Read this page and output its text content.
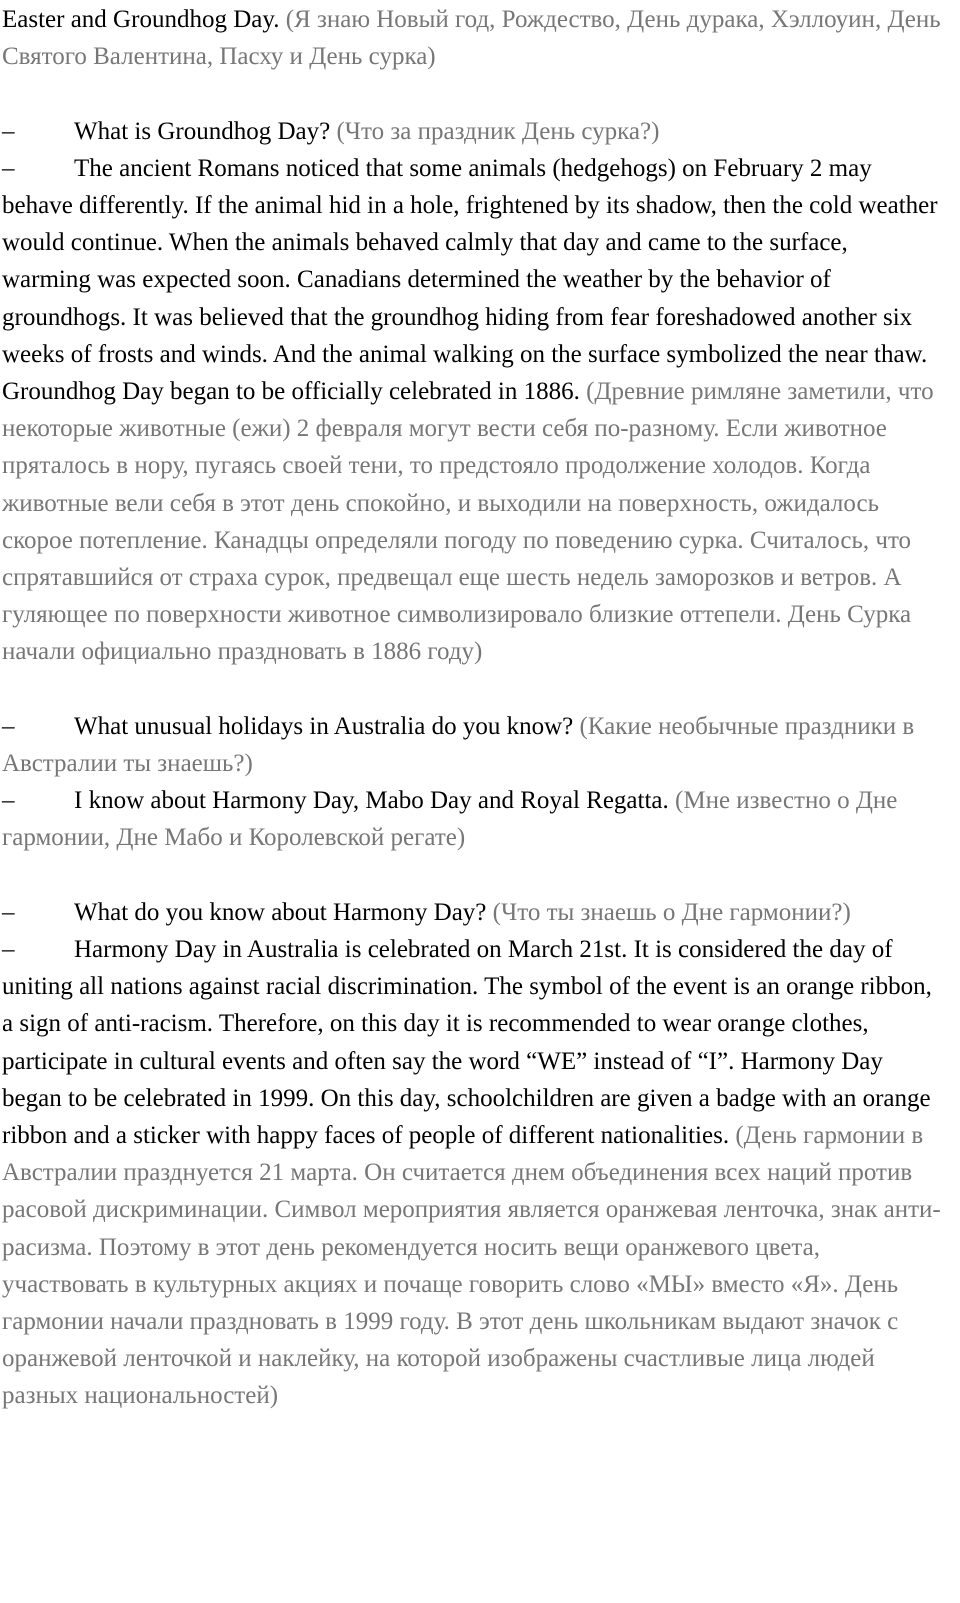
Easter and Groundhog Day. (Я знаю Новый год, Рождество, День дурака, Хэллоуин, День Святого Валентина, Пасху и День сурка)

– What is Groundhog Day? (Что за праздник День сурка?)

– The ancient Romans noticed that some animals (hedgehogs) on February 2 may behave differently. If the animal hid in a hole, frightened by its shadow, then the cold weather would continue. When the animals behaved calmly that day and came to the surface, warming was expected soon. Canadians determined the weather by the behavior of groundhogs. It was believed that the groundhog hiding from fear foreshadowed another six weeks of frosts and winds. And the animal walking on the surface symbolized the near thaw. Groundhog Day began to be officially celebrated in 1886. (Древние римляне заметили, что некоторые животные (ежи) 2 февраля могут вести себя по-разному. Если животное пряталось в нору, пугаясь своей тени, то предстояло продолжение холодов. Когда животные вели себя в этот день спокойно, и выходили на поверхность, ожидалось скорое потепление. Канадцы определяли погоду по поведению сурка. Считалось, что спрятавшийся от страха сурок, предвещал еще шесть недель заморозков и ветров. А гуляющее по поверхности животное символизировало близкие оттепели. День Сурка начали официально праздновать в 1886 году)

– What unusual holidays in Australia do you know? (Какие необычные праздники в Австралии ты знаешь?)

– I know about Harmony Day, Mabo Day and Royal Regatta. (Мне известно о Дне гармонии, Дне Мабо и Королевской регате)

– What do you know about Harmony Day? (Что ты знаешь о Дне гармонии?)

– Harmony Day in Australia is celebrated on March 21st. It is considered the day of uniting all nations against racial discrimination. The symbol of the event is an orange ribbon, a sign of anti-racism. Therefore, on this day it is recommended to wear orange clothes, participate in cultural events and often say the word “WE” instead of “I”. Harmony Day began to be celebrated in 1999. On this day, schoolchildren are given a badge with an orange ribbon and a sticker with happy faces of people of different nationalities. (День гармонии в Австралии празднуется 21 марта. Он считается днем объединения всех наций против расовой дискриминации. Символ мероприятия является оранжевая ленточка, знак анти-расизма. Поэтому в этот день рекомендуется носить вещи оранжевого цвета, участвовать в культурных акциях и почаще говорить слово «МЫ» вместо «Я». День гармонии начали праздновать в 1999 году. В этот день школьникам выдают значок с оранжевой ленточкой и наклейку, на которой изображены счастливые лица людей разных национальностей)
